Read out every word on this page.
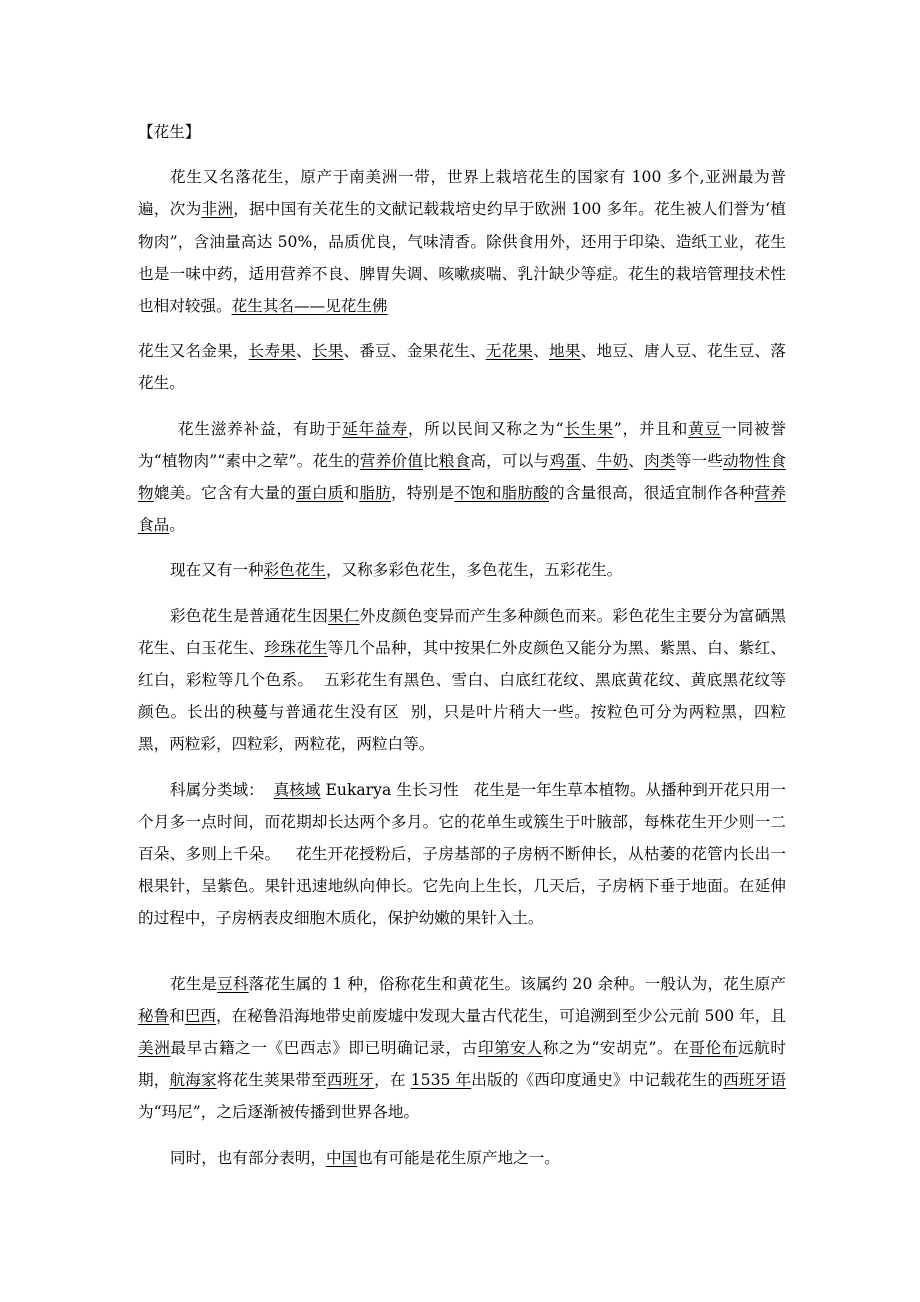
【花生】

花生又名落花生，原产于南美洲一带，世界上栽培花生的国家有 100 多个,亚洲最为普遍，次为非洲，据中国有关花生的文献记载栽培史约早于欧洲 100 多年。花生被人们誉为‘植物肉”，含油量高达 50%，品质优良，气味清香。除供食用外，还用于印染、造纸工业，花生也是一味中药，适用营养不良、脾胃失调、咳嗽痰喘、乳汁缺少等症。花生的栽培管理技术性也相对较强。花生其名——见花生佛

花生又名金果，长寿果、长果、番豆、金果花生、无花果、地果、地豆、唐人豆、花生豆、落花生。

花生滋养补益，有助于延年益寿，所以民间又称之为“长生果”，并且和黄豆一同被誉为“植物肉”“素中之荤”。花生的营养价值比粮食高，可以与鸡蛋、牛奶、肉类等一些动物性食物媲美。它含有大量的蛋白质和脂肪，特别是不饱和脂肪酸的含量很高，很适宜制作各种营养食品。

现在又有一种彩色花生，又称多彩色花生，多色花生，五彩花生。

彩色花生是普通花生因果仁外皮颜色变异而产生多种颜色而来。彩色花生主要分为富硒黑花生、白玉花生、珍珠花生等几个品种，其中按果仁外皮颜色又能分为黑、紫黑、白、紫红、红白，彩粒等几个色系。  五彩花生有黑色、雪白、白底红花纹、黑底黄花纹、黄底黑花纹等颜色。长出的秧蔓与普通花生没有区  别，只是叶片稍大一些。按粒色可分为两粒黑，四粒黑，两粒彩，四粒彩，两粒花，两粒白等。

科属分类域：  真核域 Eukarya 生长习性   花生是一年生草本植物。从播种到开花只用一个月多一点时间，而花期却长达两个多月。它的花单生或簇生于叶腋部，每株花生开少则一二百朵、多则上千朵。   花生开花授粉后，子房基部的子房柄不断伸长，从枯萎的花管内长出一根果针，呈紫色。果针迅速地纵向伸长。它先向上生长，几天后，子房柄下垂于地面。在延伸的过程中，子房柄表皮细胞木质化，保护幼嫩的果针入土。

花生是豆科落花生属的 1 种，俗称花生和黄花生。该属约 20 余种。一般认为，花生原产秘鲁和巴西，在秘鲁沿海地带史前废墟中发现大量古代花生，可追溯到至少公元前 500 年，且美洲最早古籍之一《巴西志》即已明确记录，古印第安人称之为“安胡克”。在哥伦布远航时期，航海家将花生荚果带至西班牙，在 1535 年出版的《西印度通史》中记载花生的西班牙语为“玛尼”，之后逐渐被传播到世界各地。

同时，也有部分表明，中国也有可能是花生原产地之一。
